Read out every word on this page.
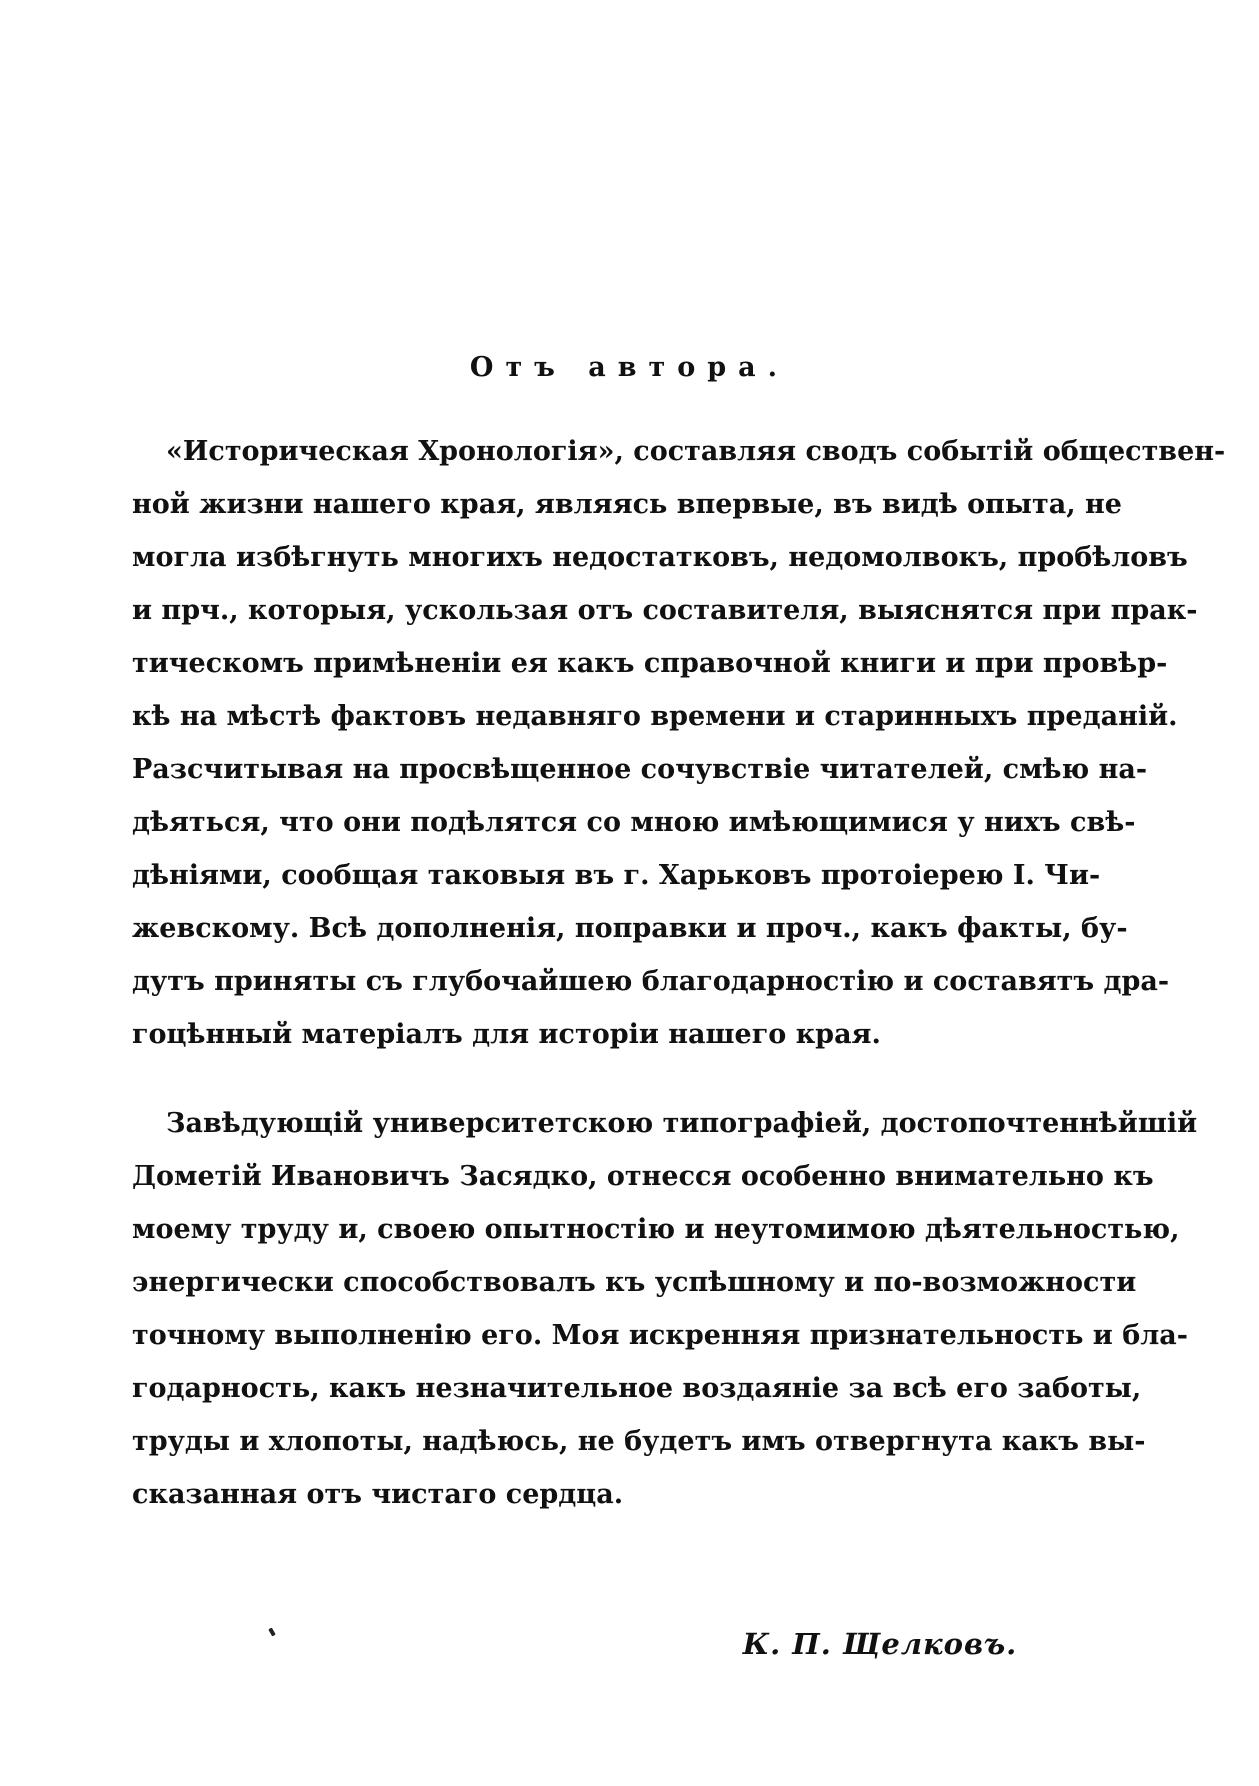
Отъ автора.
«Историческая Хронологія», составляя сводъ событій обществен-
ной жизни нашего края, являясь впервые, въ видѣ опыта, не
могла избѣгнуть многихъ недостатковъ, недомолвокъ, пробѣловъ
и прч., которыя, ускользая отъ составителя, выяснятся при прак-
тическомъ примѣненіи ея какъ справочной книги и при провѣр-
кѣ на мѣстѣ фактовъ недавняго времени и старинныхъ преданій.
Разсчитывая на просвѣщенное сочувствіе читателей, смѣю на-
дѣяться, что они подѣлятся со мною имѣющимися у нихъ свѣ-
дѣніями, сообщая таковыя въ г. Харьковъ протоіерею І. Чи-
жевскому. Всѣ дополненія, поправки и проч., какъ факты, бу-
дутъ приняты съ глубочайшею благодарностію и составятъ дра-
гоцѣнный матеріалъ для исторіи нашего края.
Завѣдующій университетскою типографіей, достопочтеннѣйшій
Дометій Ивановичъ Засядко, отнесся особенно внимательно къ
моему труду и, своею опытностію и неутомимою дѣятельностью,
энергически способствовалъ къ успѣшному и по-возможности
точному выполненію его. Моя искренняя признательность и бла-
годарность, какъ незначительное воздаяніе за всѣ его заботы,
труды и хлопоты, надѣюсь, не будетъ имъ отвергнута какъ вы-
сказанная отъ чистаго сердца.
К. П. Щелковъ.
